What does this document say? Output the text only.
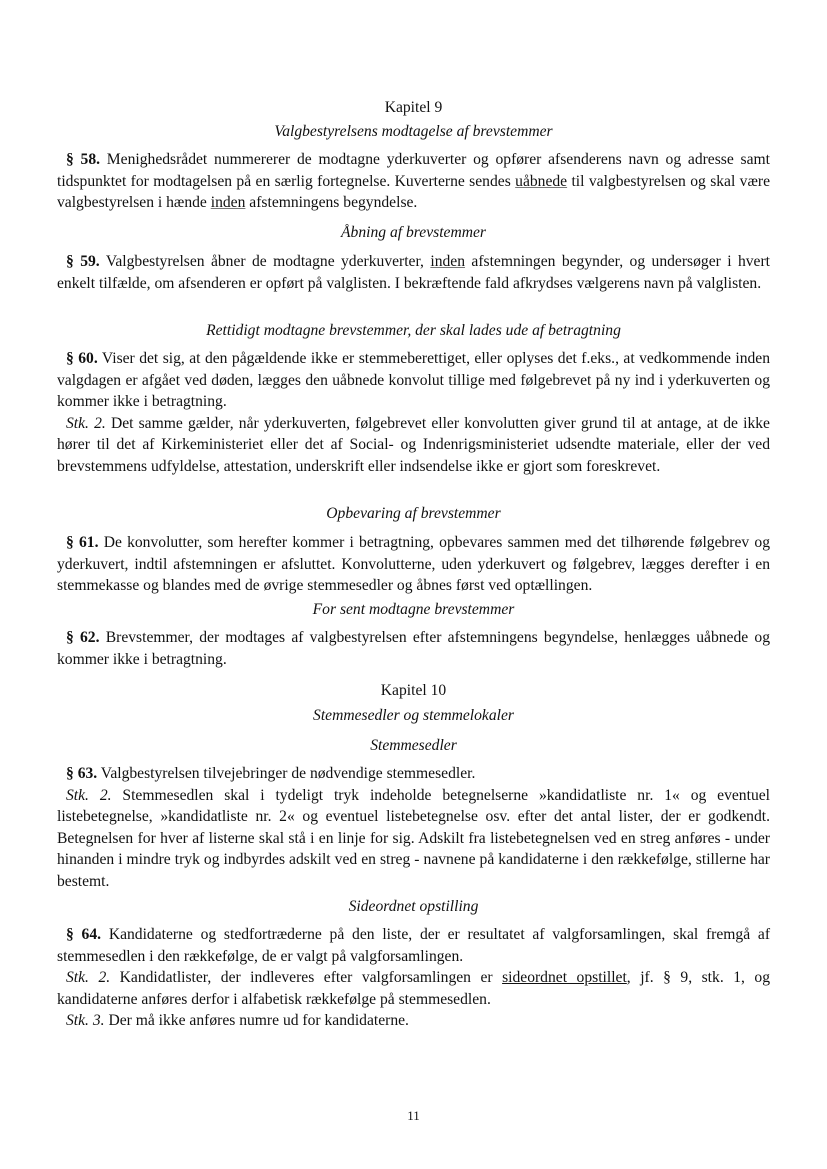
Kapitel 9
Valgbestyrelsens modtagelse af brevstemmer
§ 58. Menighedsrådet nummererer de modtagne yderkuverter og opfører afsenderens navn og adresse samt tidspunktet for modtagelsen på en særlig fortegnelse. Kuverterne sendes uåbnede til valgbestyrelsen og skal være valgbestyrelsen i hænde inden afstemningens begyndelse.
Åbning af brevstemmer
§ 59. Valgbestyrelsen åbner de modtagne yderkuverter, inden afstemningen begynder, og undersøger i hvert enkelt tilfælde, om afsenderen er opført på valglisten. I bekræftende fald afkrydses vælgerens navn på valglisten.
Rettidigt modtagne brevstemmer, der skal lades ude af betragtning
§ 60. Viser det sig, at den pågældende ikke er stemmeberettiget, eller oplyses det f.eks., at vedkommende inden valgdagen er afgået ved døden, lægges den uåbnede konvolut tillige med følgebrevet på ny ind i yderkuverten og kommer ikke i betragtning.
Stk. 2. Det samme gælder, når yderkuverten, følgebrevet eller konvolutten giver grund til at antage, at de ikke hører til det af Kirkeministeriet eller det af Social- og Indenrigsministeriet udsendte materiale, eller der ved brevstemmens udfyldelse, attestation, underskrift eller indsendelse ikke er gjort som foreskrevet.
Opbevaring af brevstemmer
§ 61. De konvolutter, som herefter kommer i betragtning, opbevares sammen med det tilhørende følgebrev og yderkuvert, indtil afstemningen er afsluttet. Konvolutterne, uden yderkuvert og følgebrev, lægges derefter i en stemmekasse og blandes med de øvrige stemmesedler og åbnes først ved optællingen.
For sent modtagne brevstemmer
§ 62. Brevstemmer, der modtages af valgbestyrelsen efter afstemningens begyndelse, henlægges uåbnede og kommer ikke i betragtning.
Kapitel 10
Stemmesedler og stemmelokaler
Stemmesedler
§ 63. Valgbestyrelsen tilvejebringer de nødvendige stemmesedler.
Stk. 2. Stemmesedlen skal i tydeligt tryk indeholde betegnelserne »kandidatliste nr. 1« og eventuel listebetegnelse, »kandidatliste nr. 2« og eventuel listebetegnelse osv. efter det antal lister, der er godkendt. Betegnelsen for hver af listerne skal stå i en linje for sig. Adskilt fra listebetegnelsen ved en streg anføres - under hinanden i mindre tryk og indbyrdes adskilt ved en streg - navnene på kandidaterne i den rækkefølge, stillerne har bestemt.
Sideordnet opstilling
§ 64. Kandidaterne og stedfortræderne på den liste, der er resultatet af valgforsamlingen, skal fremgå af stemmesedlen i den rækkefølge, de er valgt på valgforsamlingen.
Stk. 2. Kandidatlister, der indleveres efter valgforsamlingen er sideordnet opstillet, jf. § 9, stk. 1, og kandidaterne anføres derfor i alfabetisk rækkefølge på stemmesedlen.
Stk. 3. Der må ikke anføres numre ud for kandidaterne.
11
